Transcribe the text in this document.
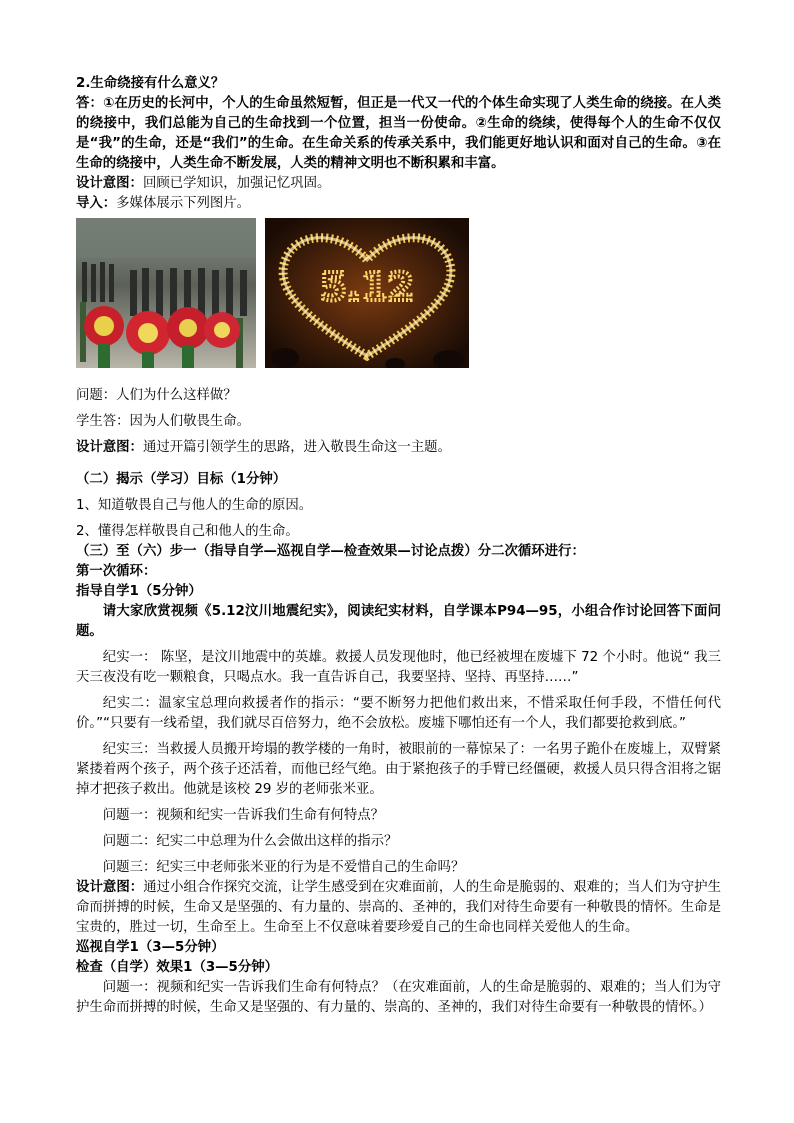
2.生命绕接有什么意义？

答：①在历史的长河中，个人的生命虽然短暂，但正是一代又一代的个体生命实现了人类生命的绕接。在人类的绕接中，我们总能为自己的生命找到一个位置，担当一份使命。②生命的绕续，使得每个人的生命不仅仅是“我”的生命，还是“我们”的生命。在生命关系的传承关系中，我们能更好地认识和面对自己的生命。③在生命的绕接中，人类生命不断发展，人类的精神文明也不断积累和丰富。

设计意图：回顾已学知识，加强记忆巩固。

导入：多媒体展示下列图片。

5.12

问题：人们为什么这样做？

学生答：因为人们敬畏生命。

设计意图：通过开篇引领学生的思路，进入敬畏生命这一主题。

（二）揭示（学习）目标（1分钟）

1、知道敬畏自己与他人的生命的原因。

2、懂得怎样敬畏自己和他人的生命。

（三）至（六）步一（指导自学—巡视自学—检查效果—讨论点拨）分二次循环进行：

第一次循环：

指导自学1（5分钟）

请大家欣赏视频《5.12汶川地震纪实》，阅读纪实材料，自学课本P94—95，小组合作讨论回答下面问题。

纪实一： 陈坚，是汶川地震中的英雄。救援人员发现他时，他已经被埋在废墟下 72 个小时。他说“ 我三天三夜没有吃一颗粮食，只喝点水。我一直告诉自己，我要坚持、坚持、再坚持……”

纪实二：温家宝总理向救援者作的指示：“要不断努力把他们救出来，不惜采取任何手段，不惜任何代价。”“只要有一线希望，我们就尽百倍努力，绝不会放松。废墟下哪怕还有一个人，我们都要抢救到底。”

纪实三：当救援人员搬开垮塌的教学楼的一角时，被眼前的一幕惊呆了：一名男子跪仆在废墟上，双臂紧紧搂着两个孩子，两个孩子还活着，而他已经气绝。由于紧抱孩子的手臂已经僵硬，救援人员只得含泪将之锯掉才把孩子救出。他就是该校 29 岁的老师张米亚。

问题一：视频和纪实一告诉我们生命有何特点？

问题二：纪实二中总理为什么会做出这样的指示？

问题三：纪实三中老师张米亚的行为是不爱惜自己的生命吗？

设计意图：通过小组合作探究交流，让学生感受到在灾难面前，人的生命是脆弱的、艰难的；当人们为守护生命而拼搏的时候，生命又是坚强的、有力量的、崇高的、圣神的，我们对待生命要有一种敬畏的情怀。生命是宝贵的，胜过一切，生命至上。生命至上不仅意味着要珍爱自己的生命也同样关爱他人的生命。

巡视自学1（3—5分钟）

检查（自学）效果1（3—5分钟）

问题一：视频和纪实一告诉我们生命有何特点？（在灾难面前，人的生命是脆弱的、艰难的；当人们为守护生命而拼搏的时候，生命又是坚强的、有力量的、崇高的、圣神的，我们对待生命要有一种敬畏的情怀。）
